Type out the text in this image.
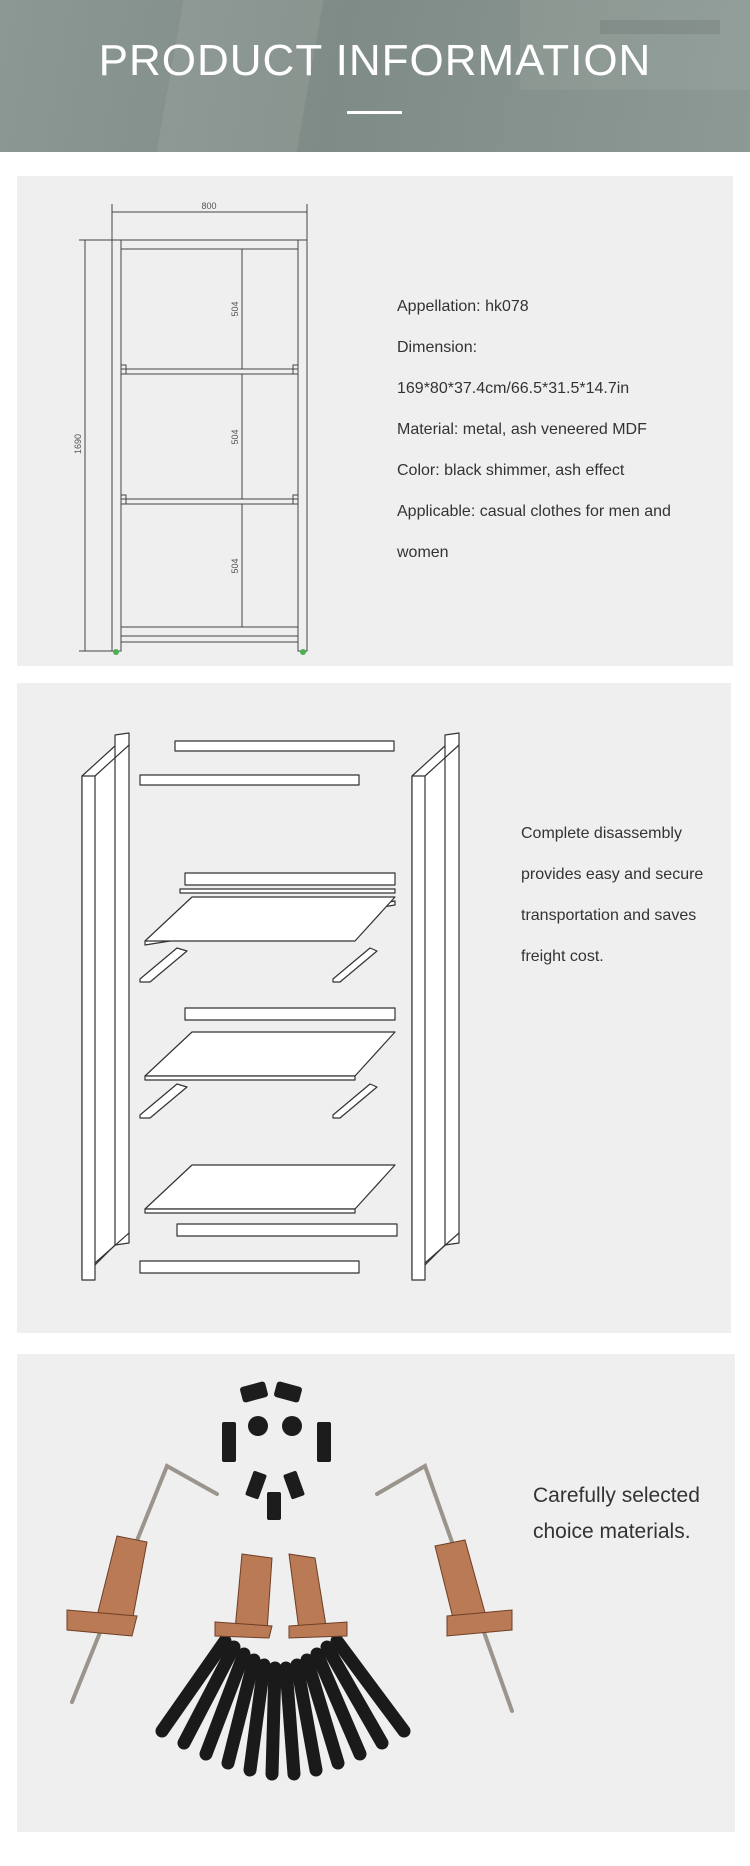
PRODUCT INFORMATION
800
1690
504
504
504
Appellation: hk078
Dimension:
169*80*37.4cm/66.5*31.5*14.7in
Material: metal, ash veneered MDF
Color: black shimmer, ash effect
Applicable: casual clothes for men and
women

Complete disassembly provides easy and secure transportation and saves freight cost.

Carefully selected choice materials.
